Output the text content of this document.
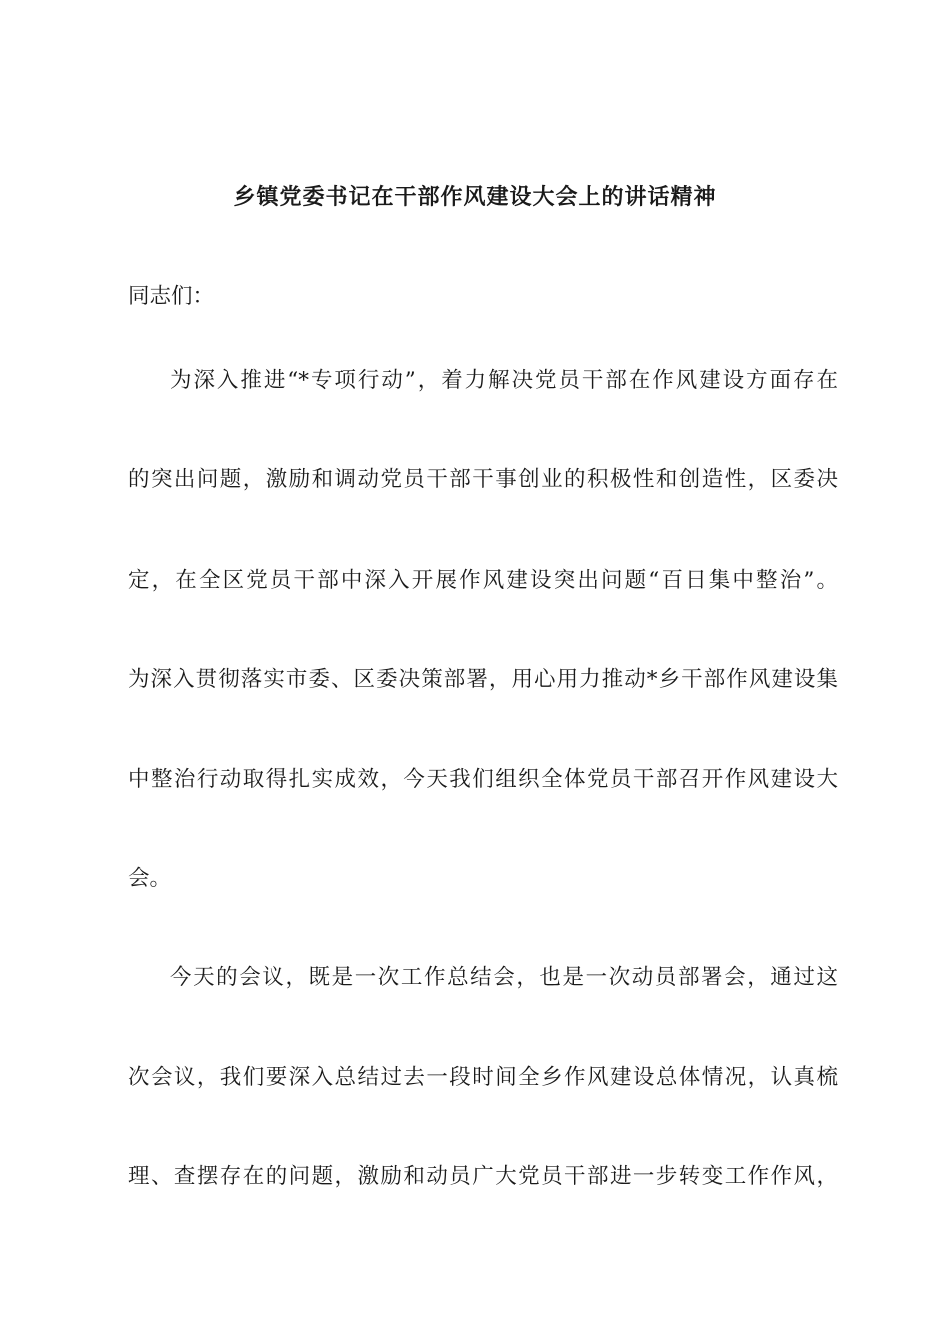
乡镇党委书记在干部作风建设大会上的讲话精神
同志们：
为深入推进“*专项行动”，着力解决党员干部在作风建设方面存在
的突出问题，激励和调动党员干部干事创业的积极性和创造性，区委决
定，在全区党员干部中深入开展作风建设突出问题“百日集中整治”。
为深入贯彻落实市委、区委决策部署，用心用力推动*乡干部作风建设集
中整治行动取得扎实成效，今天我们组织全体党员干部召开作风建设大
会。
今天的会议，既是一次工作总结会，也是一次动员部署会，通过这
次会议，我们要深入总结过去一段时间全乡作风建设总体情况，认真梳
理、查摆存在的问题，激励和动员广大党员干部进一步转变工作作风，
